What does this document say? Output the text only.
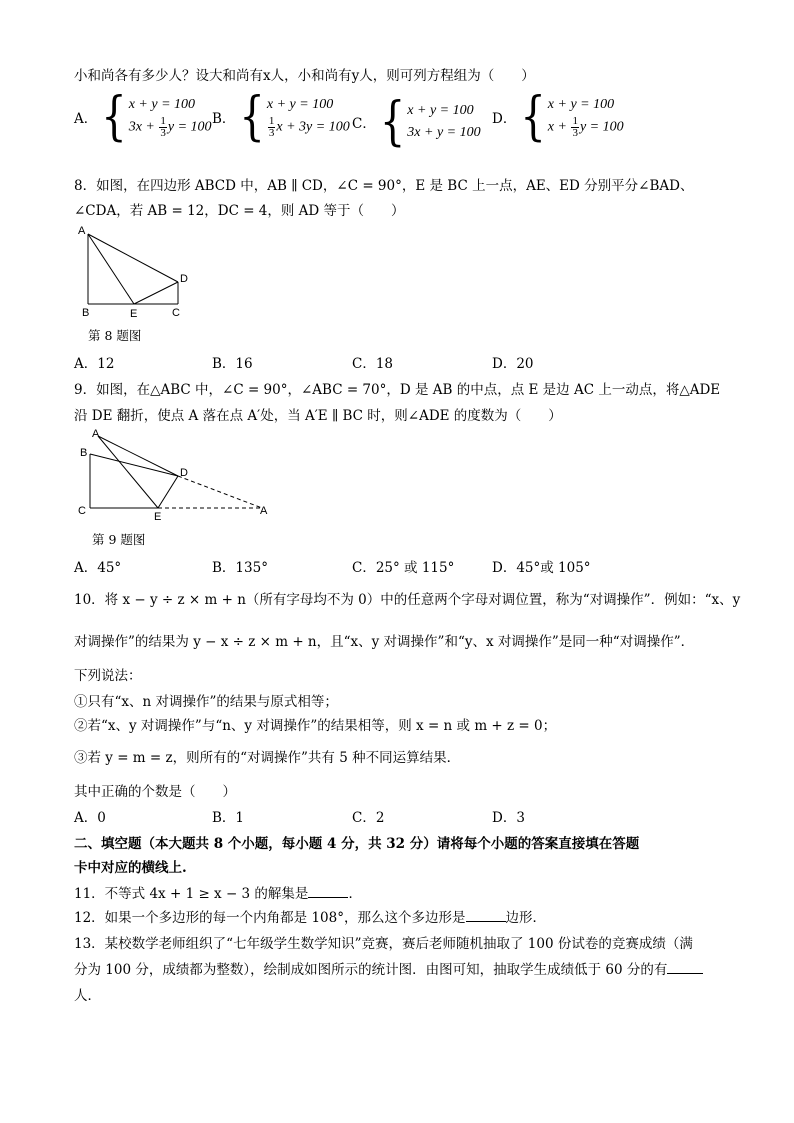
小和尚各有多少人？设大和尚有x人，小和尚有y人，则可列方程组为（　　）
A． { x + y = 100
$3x + \frac{1}{3}$ y = 100
B． { x + y = 100
$\frac{1}{3}$ x + 3y = 100 C． { x + y = 100
3x + y = 100
D． { x + y = 100
$x + \frac{1}{3}$ y = 100
8．如图，在四边形 ABCD 中，AB ∥ CD，∠C = 90°，E 是 BC 上一点，AE、ED 分别平分∠BAD、
∠CDA，若 AB = 12，DC = 4，则 AD 等于（　　）
A
B	E	C
D
第 8 题图
A．12	B．16	C．18	D．20
9．如图，在△ABC 中，∠C = 90°，∠ABC = 70°，D 是 AB 的中点，点 E 是边 AC 上一动点，将△ADE
沿 DE 翻折，使点 A 落在点 A′处，当 A′E ∥ BC 时，则∠ADE 的度数为（　　）
A
B
D
C	E	A
第 9 题图
A．45°	B．135°	C．25° 或 115°	D．45°或 105°
10．将 x − y ÷ z × m + n（所有字母均不为 0）中的任意两个字母对调位置，称为“对调操作”．例如：“x、y
对调操作”的结果为 y − x ÷ z × m + n，且“x、y 对调操作”和“y、x 对调操作”是同一种“对调操作”．
下列说法：
①只有“x、n 对调操作”的结果与原式相等；
②若“x、y 对调操作”与“n、y 对调操作”的结果相等，则 x = n 或 m + z = 0；
③若 y = m = z，则所有的“对调操作”共有 5 种不同运算结果．
其中正确的个数是（　　）
A．0	B．1	C．2	D．3
二、填空题（本大题共 8 个小题，每小题 4 分，共 32 分）请将每个小题的答案直接填在答题
卡中对应的横线上.
11．不等式 4x + 1 ≥ x − 3 的解集是	．
12．如果一个多边形的每一个内角都是 108°，那么这个多边形是	边形．
13．某校数学老师组织了“七年级学生数学知识”竞赛，赛后老师随机抽取了 100 份试卷的竞赛成绩（满
分为 100 分，成绩都为整数），绘制成如图所示的统计图．由图可知，抽取学生成绩低于 60 分的有
人．
